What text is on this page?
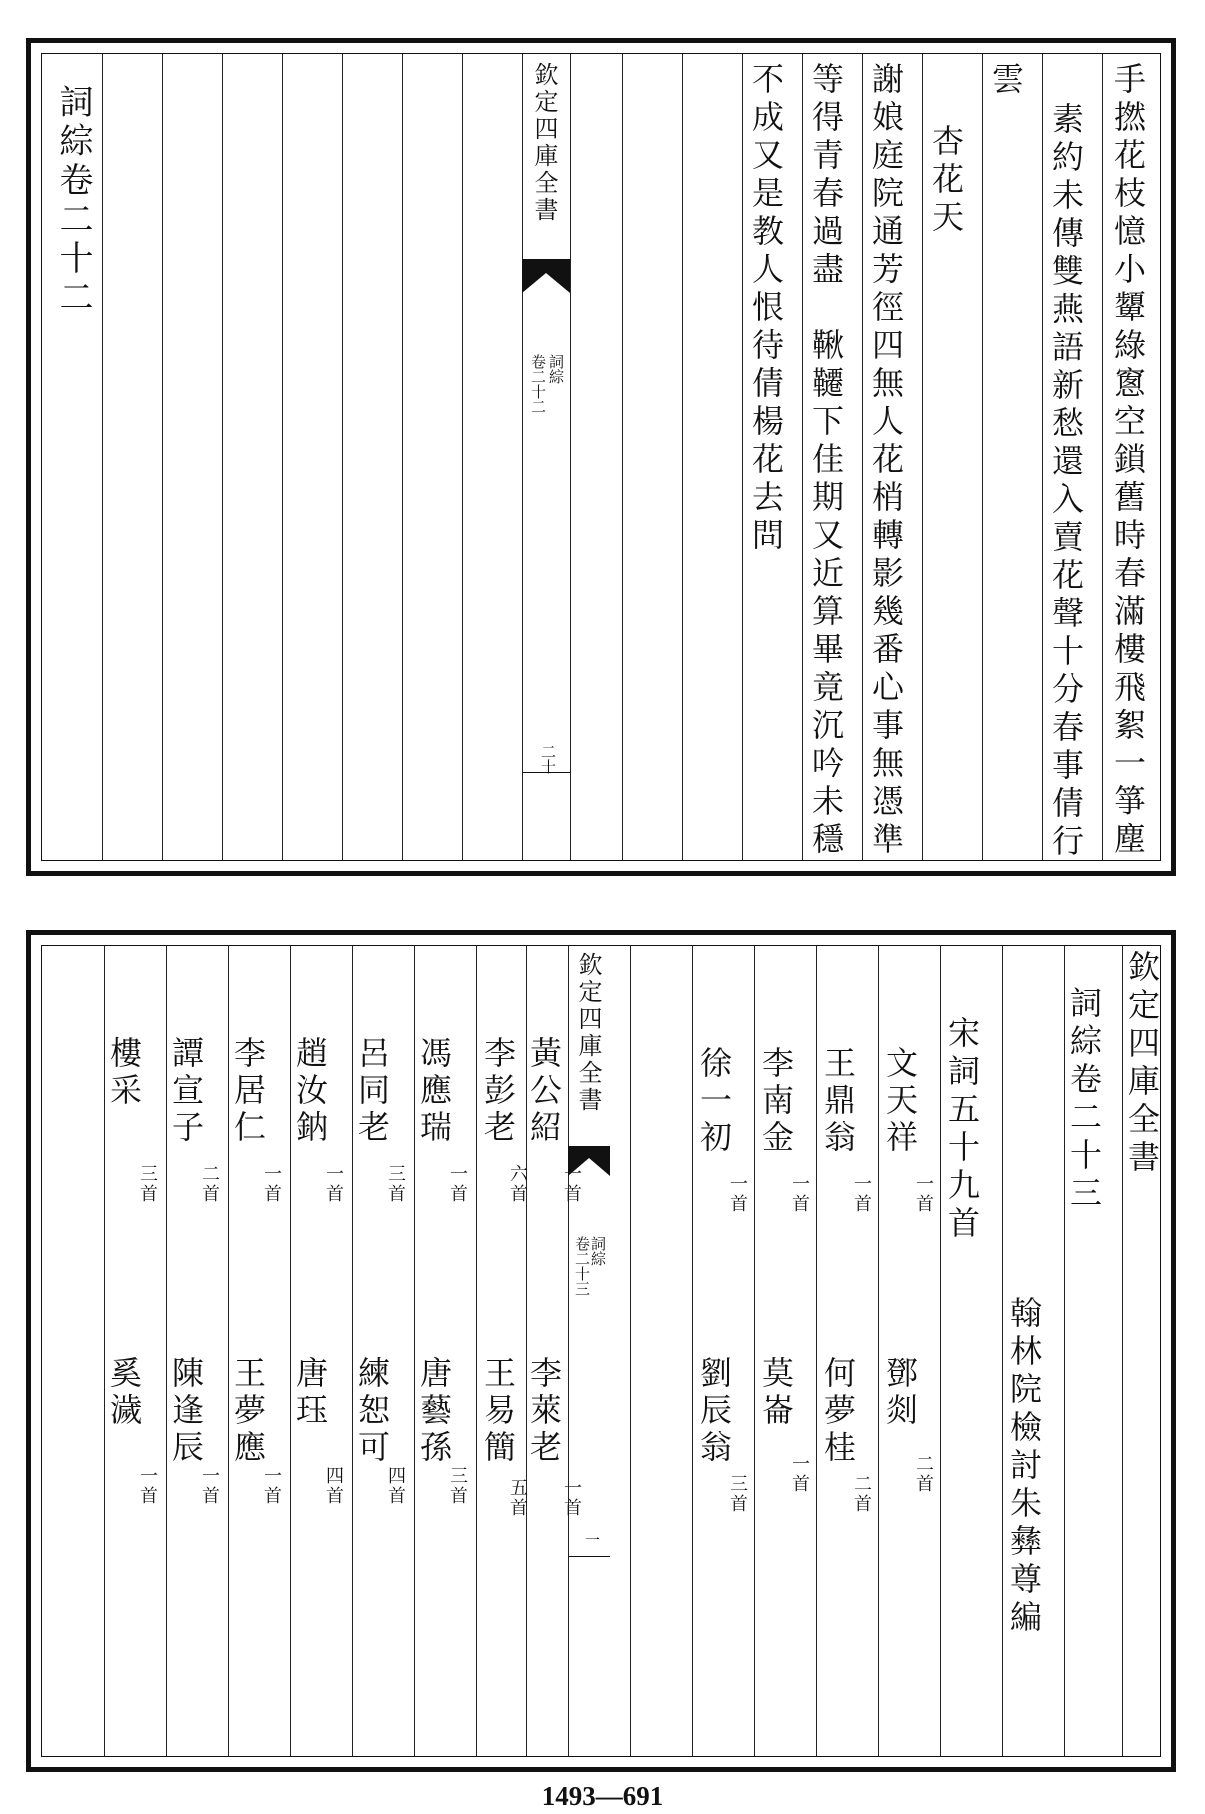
詞綜卷二十二	欽定四庫全書
詞綜
卷二十二
二十	手撚花枝憶小顰綠窻空鎖舊時春滿樓飛絮一箏塵
素約未傳雙燕語新愁還入賣花聲十分春事倩行
雲
杏花天
謝娘庭院通芳徑四無人花梢轉影幾番心事無憑準
等得青春過盡　鞦韆下佳期又近算畢竟沉吟未穩
不成又是教人恨待倩楊花去問
欽定四庫全書
詞綜
卷二十三
一
欽定四庫全書
詞綜卷二十三
翰林院檢討朱彝尊編
宋詞五十九首
文天祥
一首
鄧剡
二首
王鼎翁
一首
何夢桂
二首
李南金
一首
莫崙
一首
徐一初
一首
劉辰翁
三首
黃公紹
一首
李萊老
一首
李彭老
六首
王易簡
五首
馮應瑞
一首
唐藝孫
三首
呂同老
三首
練恕可
四首
趙汝鈉
一首
唐珏
四首
李居仁
一首
王夢應
一首
譚宣子
二首
陳逢辰
一首
樓采
三首
奚濊
一首
1493—691
